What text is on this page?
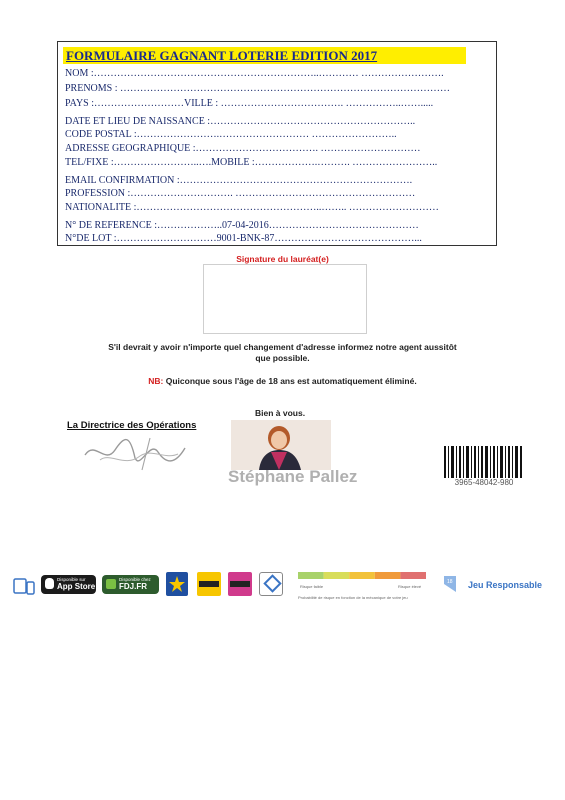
FORMULAIRE GAGNANT LOTERIE EDITION 2017
NOM :…………………………………………………………..………… …………………….
PRENOMS : ………………………………………………………………………………………
PAYS :………………………VILLE : ………………………………. ……………..…….....
DATE ET LIEU DE NAISSANCE :……………………………………………………..
CODE POSTAL :…………………….……………………… ……………………..
ADRESSE GEOGRAPHIQUE :………………………………. …………………………
TEL/FIXE :……………………..….MOBILE :……………….………. ……………………..
EMAIL CONFIRMATION :…………………………………………………………….
PROFESSION :…………………………. ………………………………………………
NATIONALITE :………………………………………………..…….. ………………………
N° DE REFERENCE :………………..07-04-2016………………………………………
N°DE LOT :…………………………9001-BNK-87……………………………………...
Signature du lauréat(e)
S'il devrait y avoir n'importe quel changement d'adresse informez notre agent aussitôt
que possible.
NB: Quiconque sous l'âge de 18 ans est automatiquement éliminé.
Bien à vous.
La Directrice des Opérations
Stéphane Pallez	3965-48042-980
Disponible sur
App Store
Disponible chez
FDJ.FR	Risque faible	Risque élevé
Probabilité de risque en fonction de la mécanique de votre jeu
18 Jeu Responsable
